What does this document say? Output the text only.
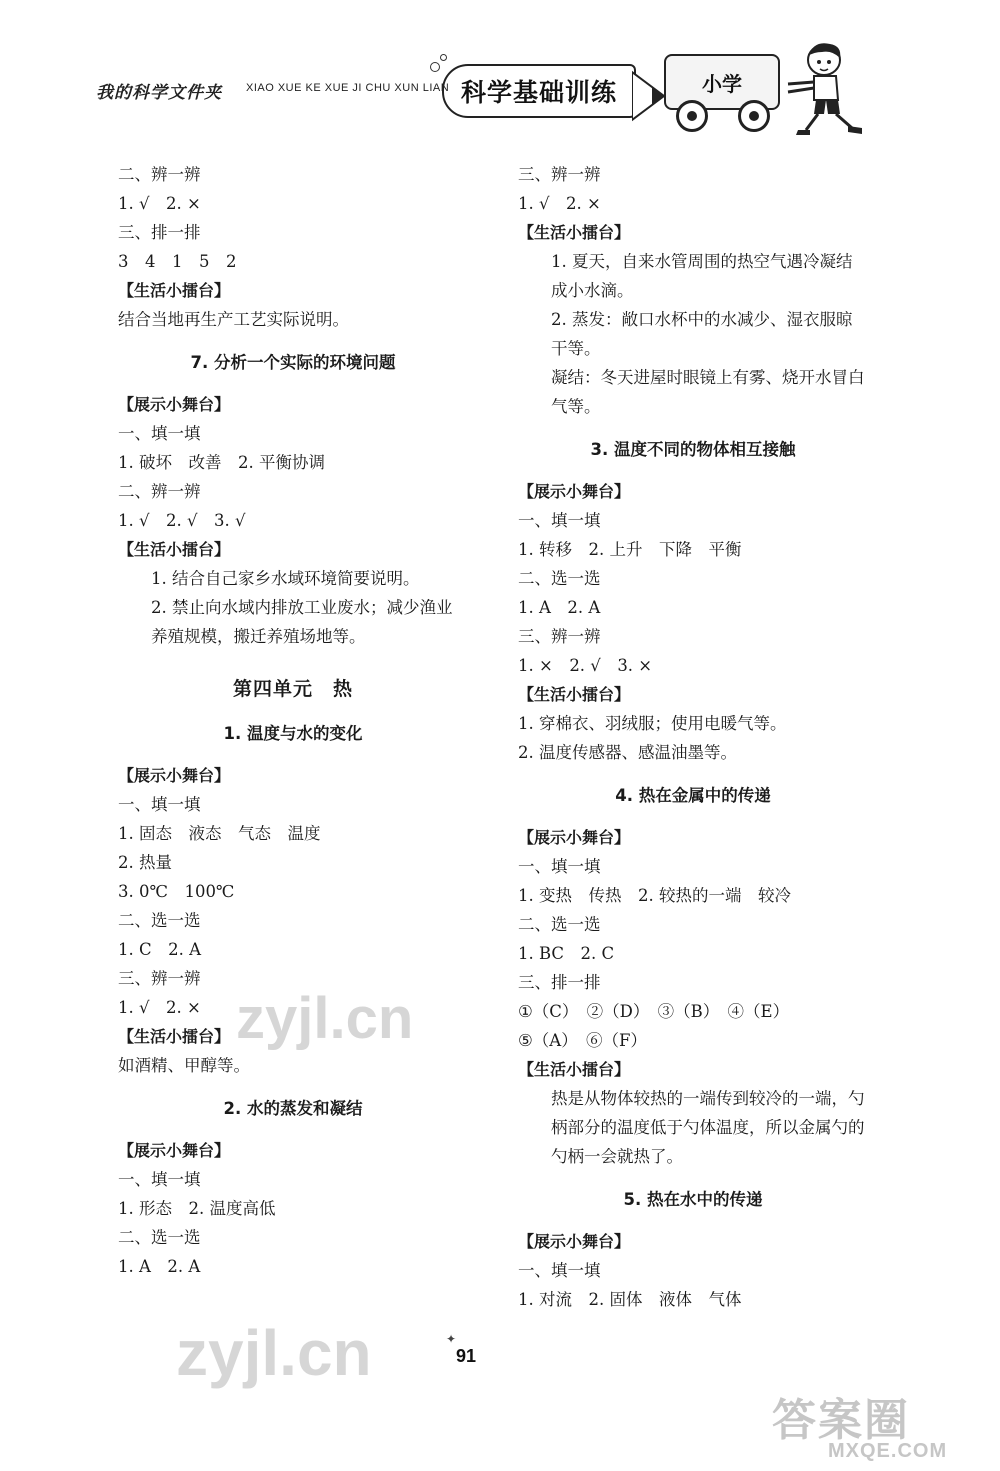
我的科学文件夹 XIAO XUE KE XUE JI CHU XUN LIAN 科学基础训练	小学
二、辨一辨
1. √　2. ×
三、排一排
3　4　1　5　2
【生活小擂台】
结合当地再生产工艺实际说明。
7. 分析一个实际的环境问题
【展示小舞台】
一、填一填
1. 破坏　改善　2. 平衡协调
二、辨一辨
1. √　2. √　3. √
【生活小擂台】
1. 结合自己家乡水域环境简要说明。
2. 禁止向水域内排放工业废水；减少渔业养殖规模，搬迁养殖场地等。
第四单元　热
1. 温度与水的变化
【展示小舞台】
一、填一填
1. 固态　液态　气态　温度
2. 热量
3. 0℃　100℃
二、选一选
1. C　2. A
三、辨一辨
1. √　2. ×
【生活小擂台】
如酒精、甲醇等。
2. 水的蒸发和凝结
【展示小舞台】
一、填一填
1. 形态　2. 温度高低
二、选一选
1. A　2. A
三、辨一辨
1. √　2. ×
【生活小擂台】
1. 夏天，自来水管周围的热空气遇冷凝结成小水滴。
2. 蒸发：敞口水杯中的水减少、湿衣服晾干等。
凝结：冬天进屋时眼镜上有雾、烧开水冒白气等。
3. 温度不同的物体相互接触
【展示小舞台】
一、填一填
1. 转移　2. 上升　下降　平衡
二、选一选
1. A　2. A
三、辨一辨
1. ×　2. √　3. ×
【生活小擂台】
1. 穿棉衣、羽绒服；使用电暖气等。
2. 温度传感器、感温油墨等。
4. 热在金属中的传递
【展示小舞台】
一、填一填
1. 变热　传热　2. 较热的一端　较冷
二、选一选
1. BC　2. C
三、排一排
①（C）　②（D）　③（B）　④（E）
⑤（A）　⑥（F）
【生活小擂台】
热是从物体较热的一端传到较冷的一端，勺柄部分的温度低于勺体温度，所以金属勺的勺柄一会就热了。
5. 热在水中的传递
【展示小舞台】
一、填一填
1. 对流　2. 固体　液体　气体
zyjl.cn
zyjl.cn
答案圈
MXQE.COM
✦
91
